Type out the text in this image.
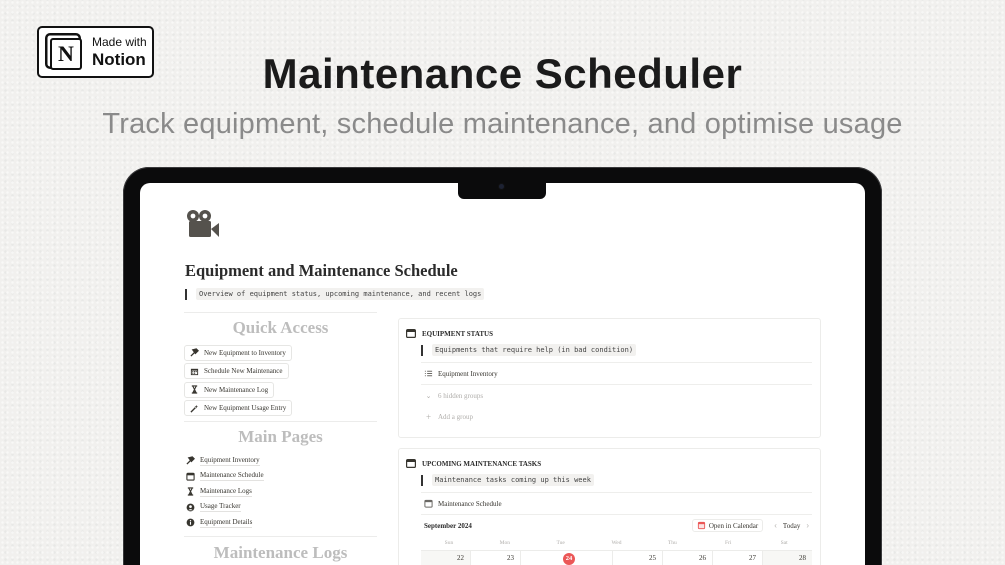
N	Made with
Notion	Maintenance Scheduler
Track equipment, schedule maintenance, and optimise usage
Equipment and Maintenance Schedule
Overview of equipment status, upcoming maintenance, and recent logs
Quick Access
New Equipment to Inventory
Schedule New Maintenance
New Maintenance Log
New Equipment Usage Entry
Main Pages
Equipment Inventory
Maintenance Schedule
Maintenance Logs
Usage Tracker
Equipment Details
Maintenance Logs
EQUIPMENT STATUS
Equipments that require help (in bad condition)
Equipment Inventory
⌄ 6 hidden groups
+ Add a group
UPCOMING MAINTENANCE TASKS
Maintenance tasks coming up this week
Maintenance Schedule
September 2024	Open in Calendar	‹ Today ›
Sun	Mon	Tue	Wed	Thu	Fri	Sat
22	23	24	25	26	27	28
